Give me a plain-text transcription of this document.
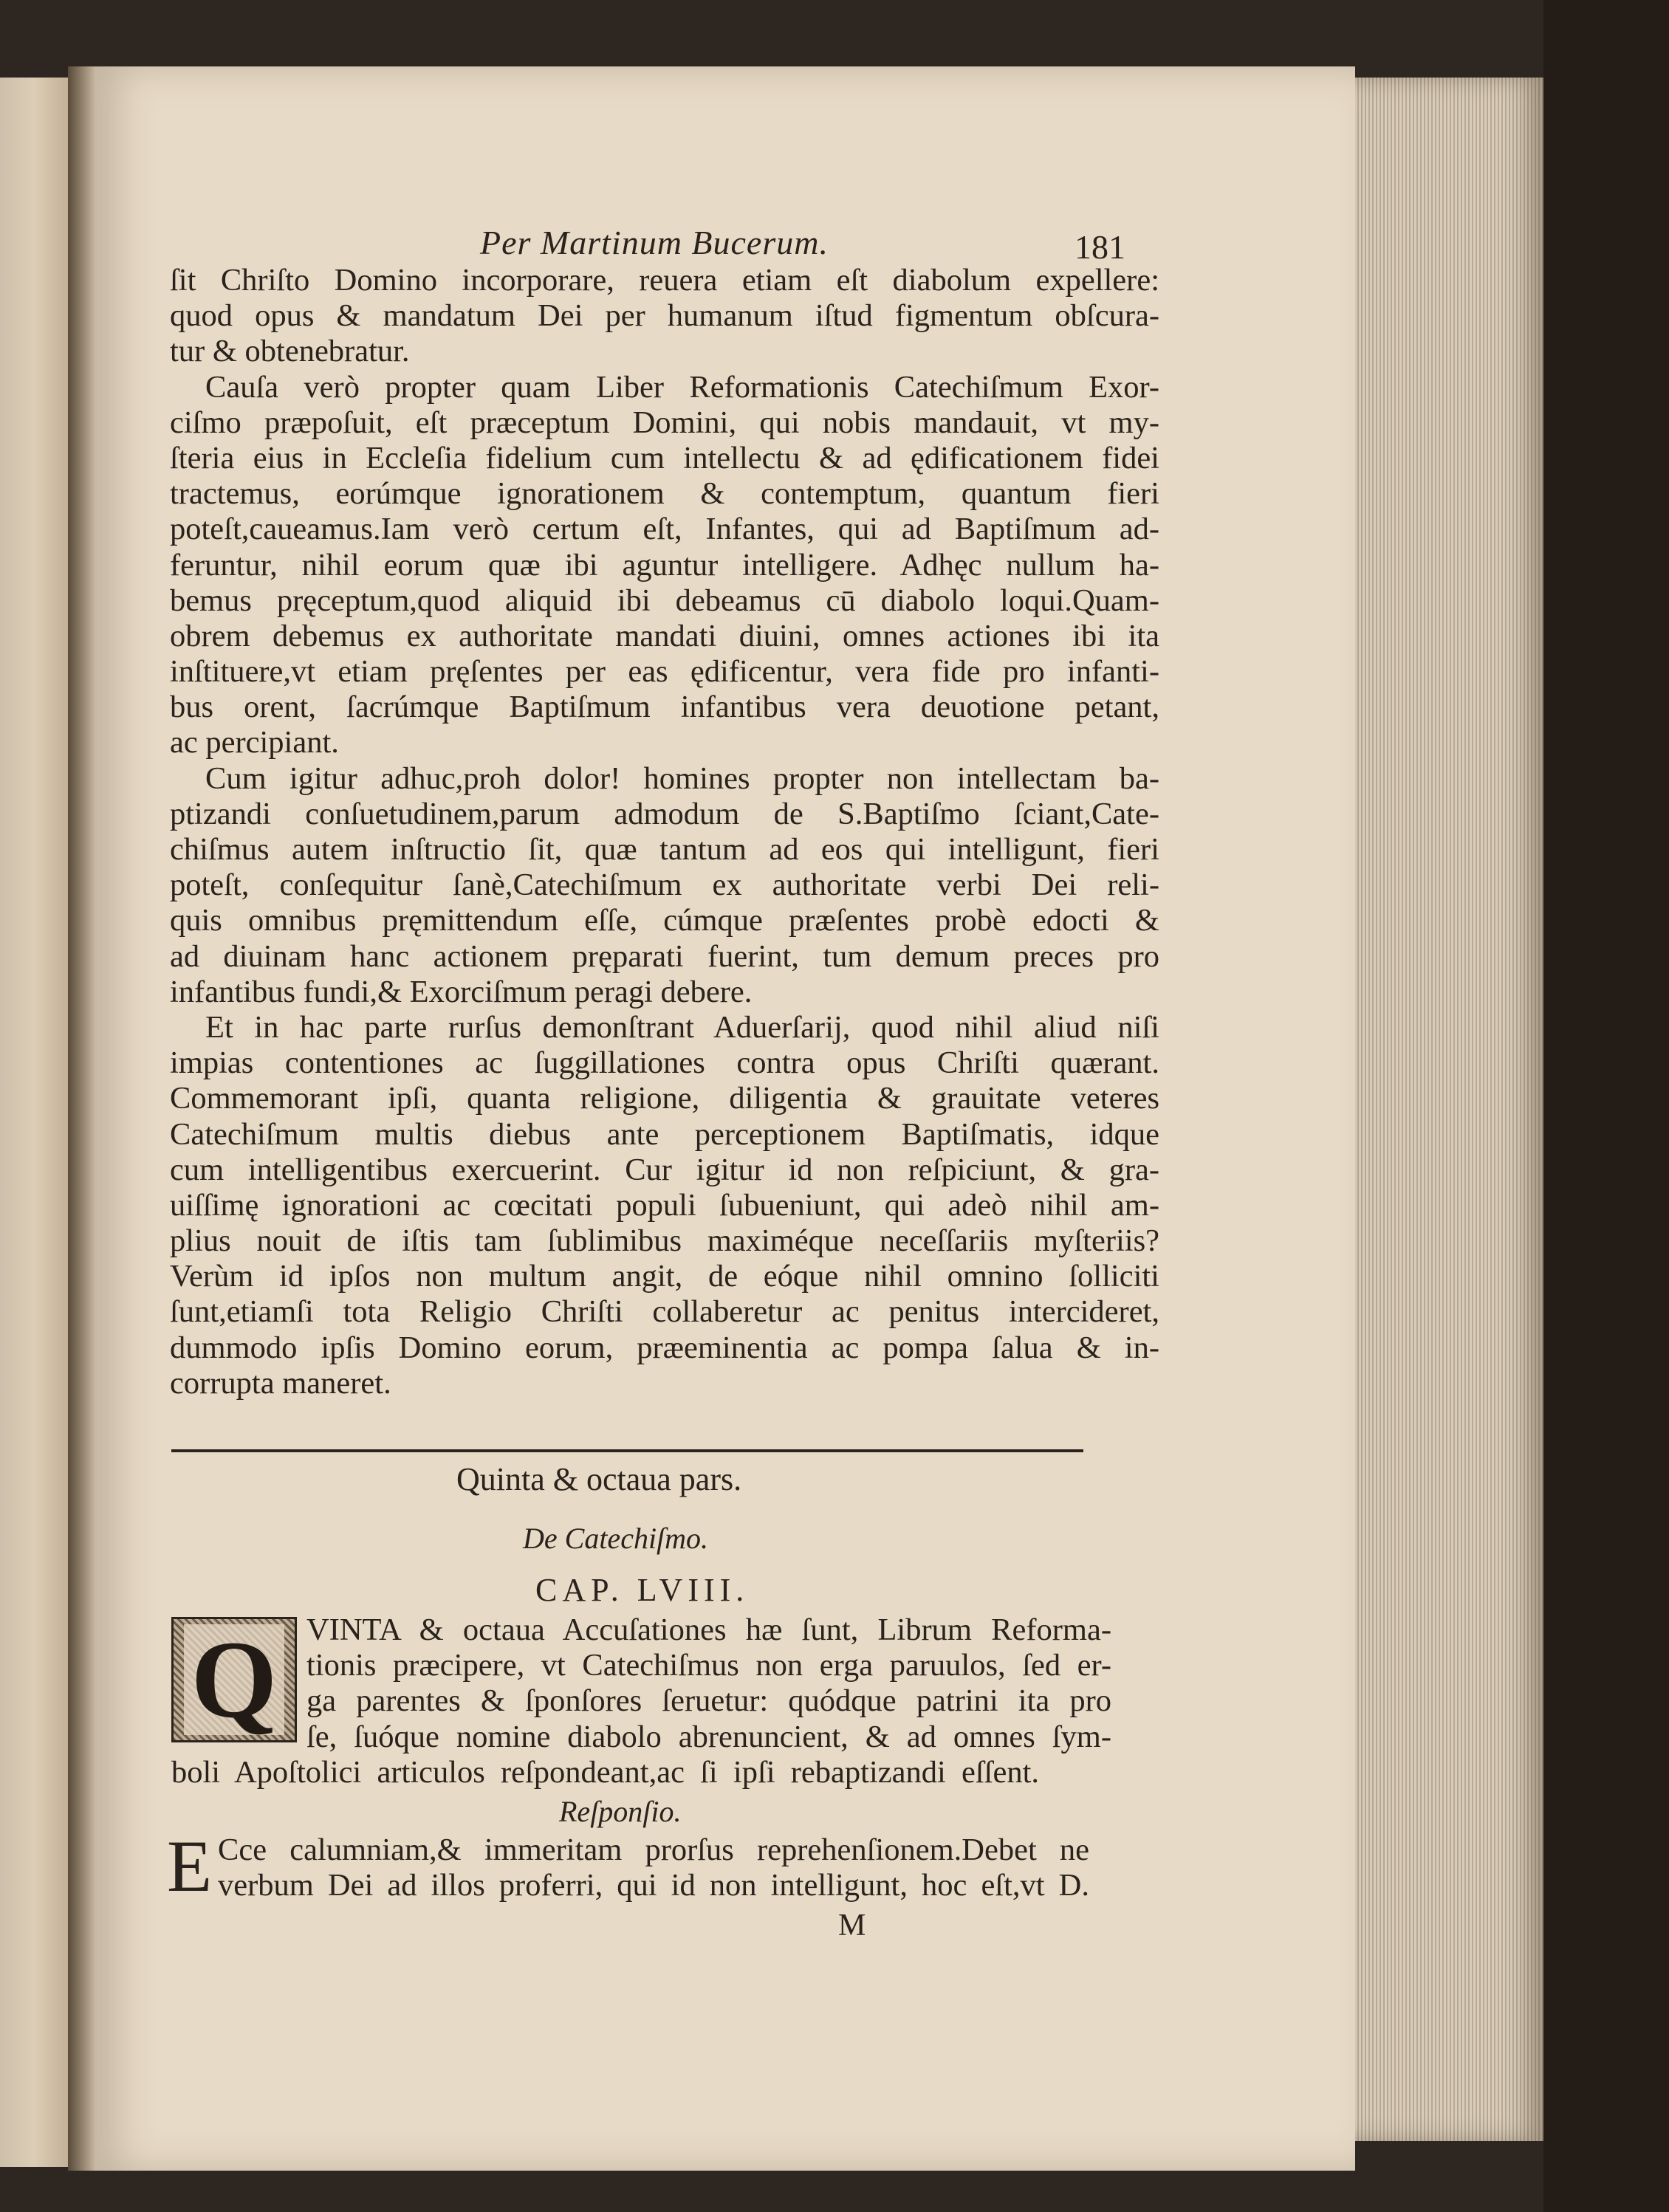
Per Martinum Bucerum.	181
ſit Chriſto Domino incorporare, reuera etiam eſt diabolum expellere:
quod opus & mandatum Dei per humanum iſtud figmentum obſcura-
tur & obtenebratur.
Cauſa verò propter quam Liber Reformationis Catechiſmum Exor-
ciſmo præpoſuit, eſt præceptum Domini, qui nobis mandauit, vt my-
ſteria eius in Eccleſia fidelium cum intellectu & ad ędificationem fidei
tractemus, eorúmque ignorationem & contemptum, quantum fieri
poteſt,caueamus.Iam verò certum eſt, Infantes, qui ad Baptiſmum ad-
feruntur, nihil eorum quæ ibi aguntur intelligere. Adhęc nullum ha-
bemus pręceptum,quod aliquid ibi debeamus cū diabolo loqui.Quam-
obrem debemus ex authoritate mandati diuini, omnes actiones ibi ita
inſtituere,vt etiam pręſentes per eas ędificentur, vera fide pro infanti-
bus orent, ſacrúmque Baptiſmum infantibus vera deuotione petant,
ac percipiant.
Cum igitur adhuc,proh dolor! homines propter non intellectam ba-
ptizandi conſuetudinem,parum admodum de S.Baptiſmo ſciant,Cate-
chiſmus autem inſtructio ſit, quæ tantum ad eos qui intelligunt, fieri
poteſt, conſequitur ſanè,Catechiſmum ex authoritate verbi Dei reli-
quis omnibus pręmittendum eſſe, cúmque præſentes probè edocti &
ad diuinam hanc actionem pręparati fuerint, tum demum preces pro
infantibus fundi,& Exorciſmum peragi debere.
Et in hac parte rurſus demonſtrant Aduerſarij, quod nihil aliud niſi
impias contentiones ac ſuggillationes contra opus Chriſti quærant.
Commemorant ipſi, quanta religione, diligentia & grauitate veteres
Catechiſmum multis diebus ante perceptionem Baptiſmatis, idque
cum intelligentibus exercuerint. Cur igitur id non reſpiciunt, & gra-
uiſſimę ignorationi ac cœcitati populi ſubueniunt, qui adeò nihil am-
plius nouit de iſtis tam ſublimibus maximéque neceſſariis myſteriis?
Verùm id ipſos non multum angit, de eóque nihil omnino ſolliciti
ſunt,etiamſi tota Religio Chriſti collaberetur ac penitus intercideret,
dummodo ipſis Domino eorum, præeminentia ac pompa ſalua & in-
corrupta maneret.
Quinta & octaua pars.
De Catechiſmo.
CAP. LVIII.
Q VINTA & octaua Accuſationes hæ ſunt, Librum Reforma-
tionis præcipere, vt Catechiſmus non erga paruulos, ſed er-
ga parentes & ſponſores ſeruetur: quódque patrini ita pro
ſe, ſuóque nomine diabolo abrenuncient, & ad omnes ſym-
boli Apoſtolici articulos reſpondeant,ac ſi ipſi rebaptizandi eſſent.
Reſponſio.
E Cce calumniam,& immeritam prorſus reprehenſionem.Debet ne
verbum Dei ad illos proferri, qui id non intelligunt, hoc eſt,vt D.
M
